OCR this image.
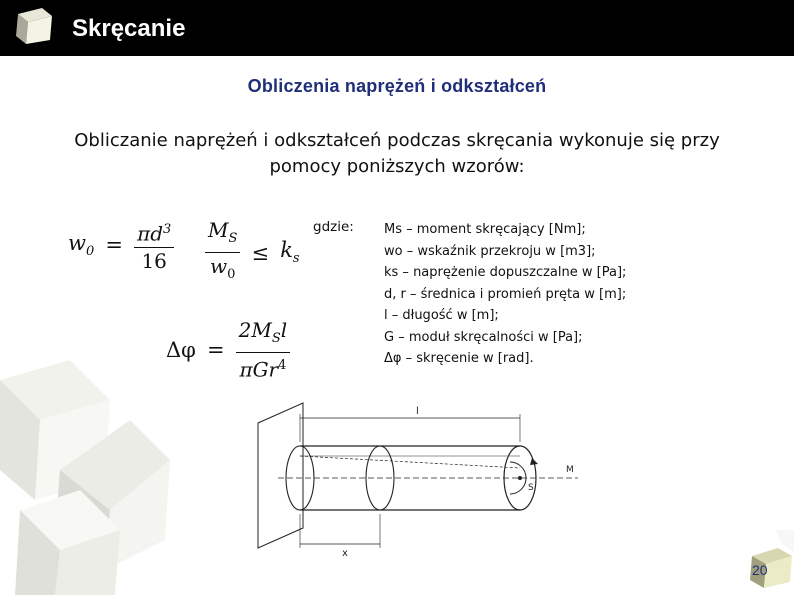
Skręcanie
Obliczenia naprężeń i odkształceń
Obliczanie naprężeń i odkształceń podczas skręcania wykonuje się przy
pomocy poniższych wzorów:
$w_0 = \frac{\pi d^3}{16} \frac{M_S}{w_0} \le k_s$
$\Delta\varphi = \frac{2M_Sl}{\pi Gr^4}$
gdzie: Ms – moment skręcający [Nm];
wo – wskaźnik przekroju w [m3];
ks – naprężenie dopuszczalne w [Pa];
d, r – średnica i promień pręta w [m];
l – długość w [m];
G – moduł skręcalności w [Pa];
Δφ – skręcenie w [rad].
l
x
M
S
20
